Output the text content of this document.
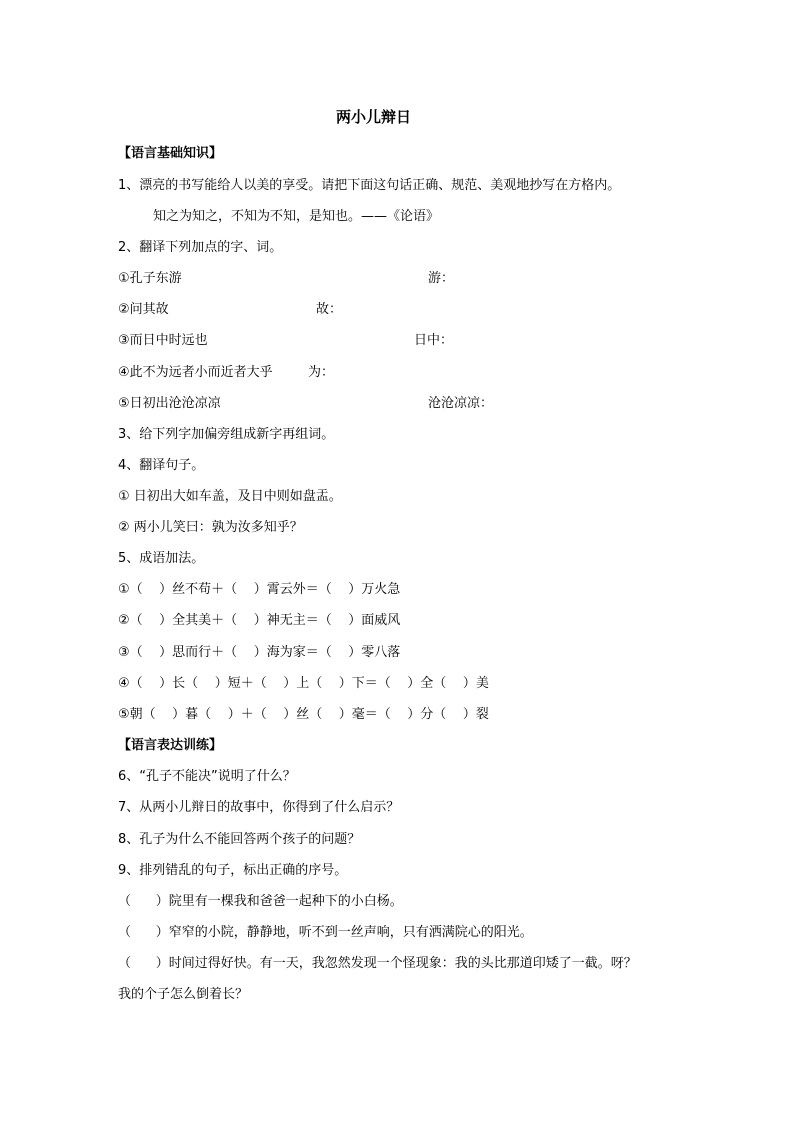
两小儿辩日
【语言基础知识】
1、漂亮的书写能给人以美的享受。请把下面这句话正确、规范、美观地抄写在方格内。
知之为知之，不知为不知，是知也。——《论语》
2、翻译下列加点的字、词。
①孔子东游	游：
②问其故	故：
③而日中时远也	日中：
④此不为远者小而近者大乎	为：
⑤日初出沧沧凉凉	沧沧凉凉：
3、给下列字加偏旁组成新字再组词。
4、翻译句子。
① 日初出大如车盖，及日中则如盘盂。
② 两小儿笑曰：孰为汝多知乎？
5、成语加法。
①（    ）丝不苟＋（    ）霄云外＝（    ）万火急
②（    ）全其美＋（    ）神无主＝（    ）面威风
③（    ）思而行＋（    ）海为家＝（    ）零八落
④（    ）长（    ）短＋（    ）上（    ）下＝（    ）全（    ）美
⑤朝（    ）暮（    ）＋（    ）丝（    ）毫＝（    ）分（    ）裂
【语言表达训练】
6、“孔子不能决”说明了什么？
7、从两小儿辩日的故事中，你得到了什么启示？
8、孔子为什么不能回答两个孩子的问题？
9、排列错乱的句子，标出正确的序号。
（      ）院里有一棵我和爸爸一起种下的小白杨。
（      ）窄窄的小院，静静地，听不到一丝声响，只有洒满院心的阳光。
（      ）时间过得好快。有一天，我忽然发现一个怪现象：我的头比那道印矮了一截。呀？
我的个子怎么倒着长？
